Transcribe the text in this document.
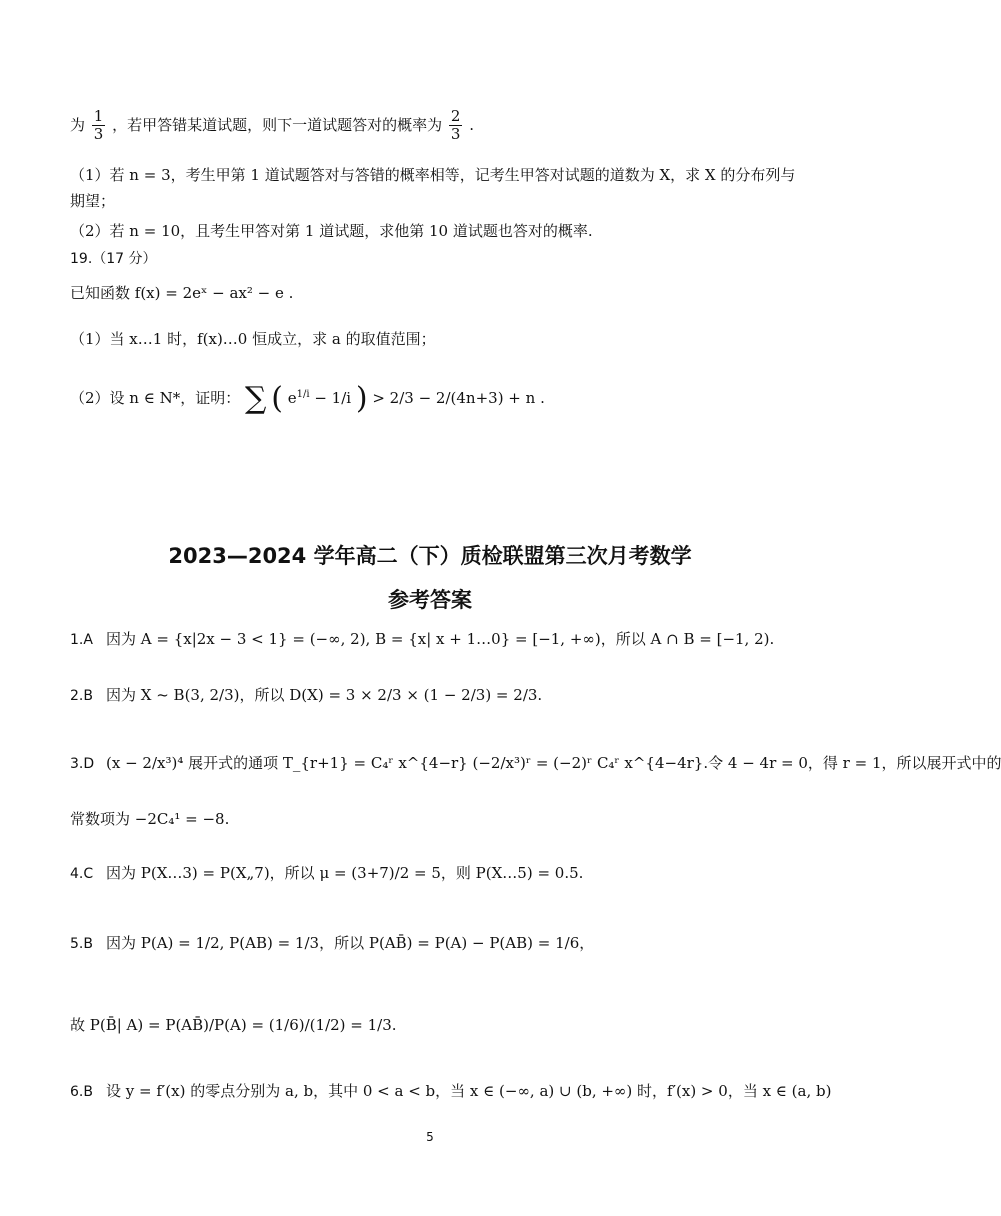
为 $\frac{1}{3}$ ，若甲答错某道试题，则下一道试题答对的概率为 $\frac{2}{3}$ .
（1）若 n = 3，考生甲第 1 道试题答对与答错的概率相等，记考生甲答对试题的道数为 X，求 X 的分布列与
期望；
（2）若 n = 10，且考生甲答对第 1 道试题，求他第 10 道试题也答对的概率.
19.（17 分）
已知函数 f(x) = 2eˣ − ax² − e .
（1）当 x…1 时，f(x)…0 恒成立，求 a 的取值范围；
（2）设 n ∈ N*，证明： ∑ ( $e^{1/i} - 1/i$ ) > 2/3 − 2/(4n+3) + n .
2023—2024 学年高二（下）质检联盟第三次月考数学
参考答案
1.A 因为 A = {x|2x − 3 < 1} = (−∞, 2), B = {x| x + 1…0} = [−1, +∞)，所以 A ∩ B = [−1, 2).
2.B 因为 X ~ B(3, 2/3)，所以 D(X) = 3 × 2/3 × (1 − 2/3) = 2/3.
3.D (x − 2/x³)⁴ 展开式的通项 T_{r+1} = C₄ʳ x^{4−r} (−2/x³)ʳ = (−2)ʳ C₄ʳ x^{4−4r}.令 4 − 4r = 0，得 r = 1，所以展开式中的
常数项为 −2C₄¹ = −8.
4.C 因为 P(X…3) = P(X„7)，所以 μ = (3+7)/2 = 5，则 P(X…5) = 0.5.
5.B 因为 P(A) = 1/2, P(AB) = 1/3，所以 P(AB̄) = P(A) − P(AB) = 1/6，
故 P(B̄| A) = P(AB̄)/P(A) = (1/6)/(1/2) = 1/3.
6.B 设 y = f′(x) 的零点分别为 a, b，其中 0 < a < b，当 x ∈ (−∞, a) ∪ (b, +∞) 时，f′(x) > 0，当 x ∈ (a, b)
5
